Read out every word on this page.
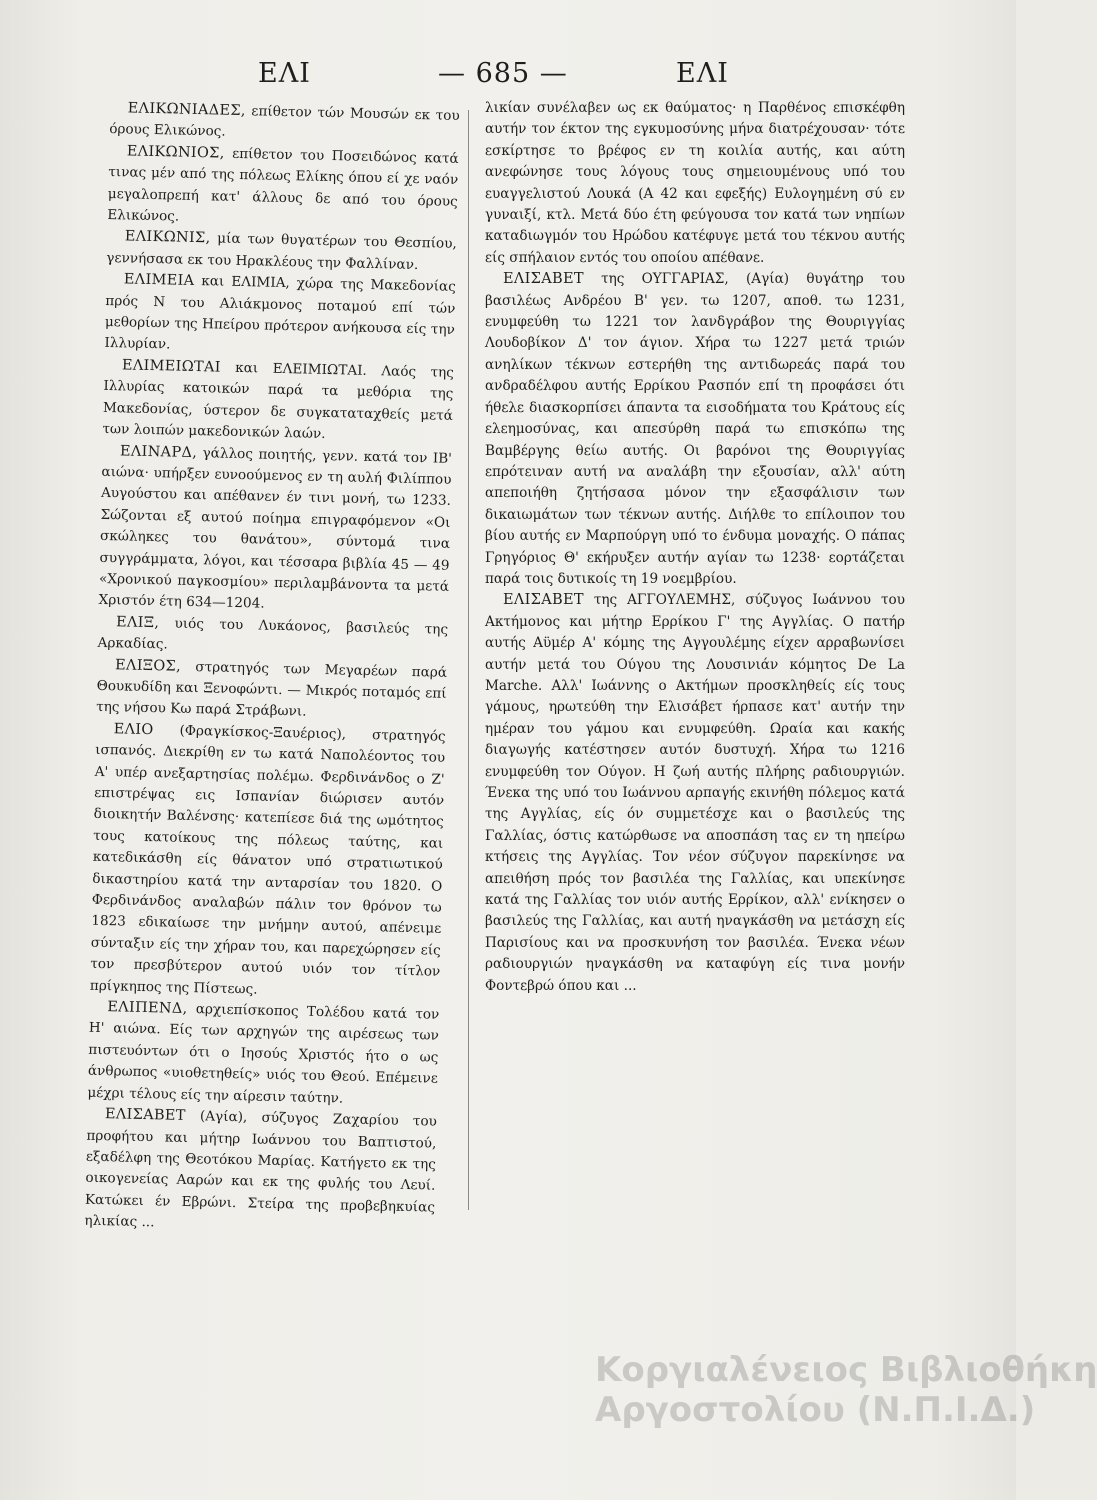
ΕΛΙ	— 685 —	ΕΛΙ

ΕΛΙΚΩΝΙΑΔΕΣ, επίθετον τών Μουσών εκ του όρους Ελικώνος.

ΕΛΙΚΩΝΙΟΣ, επίθετον του Ποσειδώνος κατά τινας μέν από της πόλεως Ελίκης όπου εί χε ναόν μεγαλοπρεπή κατ' άλλους δε από του όρους Ελικώνος.

ΕΛΙΚΩΝΙΣ, μία των θυγατέρων του Θεσπίου, γεννήσασα εκ του Ηρακλέους την Φαλλίναν.

ΕΛΙΜΕΙΑ και ΕΛΙΜΙΑ, χώρα της Μακεδονίας πρός Ν του Αλιάκμονος ποταμού επί τών μεθορίων της Ηπείρου πρότερον ανήκουσα είς την Ιλλυρίαν.

ΕΛΙΜΕΙΩΤΑΙ και ΕΛΕΙΜΙΩΤΑΙ. Λαός της Ιλλυρίας κατοικών παρά τα μεθόρια της Μακεδονίας, ύστερον δε συγκαταταχθείς μετά των λοιπών μακεδονικών λαών.

ΕΛΙΝΑΡΔ, γάλλος ποιητής, γενν. κατά τον ΙΒ' αιώνα· υπήρξεν ευνοούμενος εν τη αυλή Φιλίππου Αυγούστου και απέθανεν έν τινι μονή, τω 1233. Σώζονται εξ αυτού ποίημα επιγραφόμενον «Οι σκώληκες του θανάτου», σύντομά τινα συγγράμματα, λόγοι, και τέσσαρα βιβλία 45 — 49 «Χρονικού παγκοσμίου» περιλαμβάνοντα τα μετά Χριστόν έτη 634—1204.

ΕΛΙΞ, υιός του Λυκάονος, βασιλεύς της Αρκαδίας.

ΕΛΙΞΟΣ, στρατηγός των Μεγαρέων παρά Θουκυδίδη και Ξενοφώντι. — Μικρός ποταμός επί της νήσου Κω παρά Στράβωνι.

ΕΛΙΟ (Φραγκίσκος-Ξαυέριος), στρατηγός ισπανός. Διεκρίθη εν τω κατά Ναπολέοντος του Α' υπέρ ανεξαρτησίας πολέμω. Φερδινάνδος ο Ζ' επιστρέψας εις Ισπανίαν διώρισεν αυτόν διοικητήν Βαλένσης· κατεπίεσε διά της ωμότητος τους κατοίκους της πόλεως ταύτης, και κατεδικάσθη είς θάνατον υπό στρατιωτικού δικαστηρίου κατά την ανταρσίαν του 1820. Ο Φερδινάνδος αναλαβών πάλιν τον θρόνον τω 1823 εδικαίωσε την μνήμην αυτού, απένειμε σύνταξιν είς την χήραν του, και παρεχώρησεν είς τον πρεσβύτερον αυτού υιόν τον τίτλον πρίγκηπος της Πίστεως.

ΕΛΙΠΕΝΔ, αρχιεπίσκοπος Τολέδου κατά τον Η' αιώνα. Είς των αρχηγών της αιρέσεως των πιστευόντων ότι ο Ιησούς Χριστός ήτο ο ως άνθρωπος «υιοθετηθείς» υιός του Θεού. Επέμεινε μέχρι τέλους είς την αίρεσιν ταύτην.

ΕΛΙΣΑΒΕΤ (Αγία), σύζυγος Ζαχαρίου του προφήτου και μήτηρ Ιωάννου του Βαπτιστού, εξαδέλφη της Θεοτόκου Μαρίας. Κατήγετο εκ της οικογενείας Ααρών και εκ της φυλής του Λευί. Κατώκει έν Εβρώνι. Στείρα της προβεβηκυίας ηλικίας ...

λικίαν συνέλαβεν ως εκ θαύματος· η Παρθένος επισκέφθη αυτήν τον έκτον της εγκυμοσύνης μήνα διατρέχουσαν· τότε εσκίρτησε το βρέφος εν τη κοιλία αυτής, και αύτη ανεφώνησε τους λόγους τους σημειουμένους υπό του ευαγγελιστού Λουκά (Α 42 και εφεξής) Ευλογημένη σύ εν γυναιξί, κτλ. Μετά δύο έτη φεύγουσα τον κατά των νηπίων καταδιωγμόν του Ηρώδου κατέφυγε μετά του τέκνου αυτής είς σπήλαιον εντός του οποίου απέθανε.

ΕΛΙΣΑΒΕΤ της ΟΥΓΓΑΡΙΑΣ, (Αγία) θυγάτηρ του βασιλέως Ανδρέου Β' γεν. τω 1207, αποθ. τω 1231, ενυμφεύθη τω 1221 τον λανδγράβον της Θουριγγίας Λουδοβίκον Δ' τον άγιον. Χήρα τω 1227 μετά τριών ανηλίκων τέκνων εστερήθη της αντιδωρεάς παρά του ανδραδέλφου αυτής Ερρίκου Ρασπόν επί τη προφάσει ότι ήθελε διασκορπίσει άπαντα τα εισοδήματα του Κράτους είς ελεημοσύνας, και απεσύρθη παρά τω επισκόπω της Βαμβέργης θείω αυτής. Οι βαρόνοι της Θουριγγίας επρότειναν αυτή να αναλάβη την εξουσίαν, αλλ' αύτη απεποιήθη ζητήσασα μόνον την εξασφάλισιν των δικαιωμάτων των τέκνων αυτής. Διήλθε το επίλοιπον του βίου αυτής εν Μαρπούργη υπό το ένδυμα μοναχής. Ο πάπας Γρηγόριος Θ' εκήρυξεν αυτήν αγίαν τω 1238· εορτάζεται παρά τοις δυτικοίς τη 19 νοεμβρίου.

ΕΛΙΣΑΒΕΤ της ΑΓΓΟΥΛΕΜΗΣ, σύζυγος Ιωάννου του Ακτήμονος και μήτηρ Ερρίκου Γ' της Αγγλίας. Ο πατήρ αυτής Αϋμέρ Α' κόμης της Αγγουλέμης είχεν αρραβωνίσει αυτήν μετά του Ούγου της Λουσινιάν κόμητος De La Marche. Αλλ' Ιωάννης ο Ακτήμων προσκληθείς είς τους γάμους, ηρωτεύθη την Ελισάβετ ήρπασε κατ' αυτήν την ημέραν του γάμου και ενυμφεύθη. Ωραία και κακής διαγωγής κατέστησεν αυτόν δυστυχή. Χήρα τω 1216 ενυμφεύθη τον Ούγον. Η ζωή αυτής πλήρης ραδιουργιών. Ένεκα της υπό του Ιωάννου αρπαγής εκινήθη πόλεμος κατά της Αγγλίας, είς όν συμμετέσχε και ο βασιλεύς της Γαλλίας, όστις κατώρθωσε να αποσπάση τας εν τη ηπείρω κτήσεις της Αγγλίας. Τον νέον σύζυγον παρεκίνησε να απειθήση πρός τον βασιλέα της Γαλλίας, και υπεκίνησε κατά της Γαλλίας τον υιόν αυτής Ερρίκον, αλλ' ενίκησεν ο βασιλεύς της Γαλλίας, και αυτή ηναγκάσθη να μετάσχη είς Παρισίους και να προσκυνήση τον βασιλέα. Ένεκα νέων ραδιουργιών ηναγκάσθη να καταφύγη είς τινα μονήν Φοντεβρώ όπου και ...

Κοργιαλένειος Βιβλιοθήκη
Αργοστολίου (Ν.Π.Ι.Δ.)
